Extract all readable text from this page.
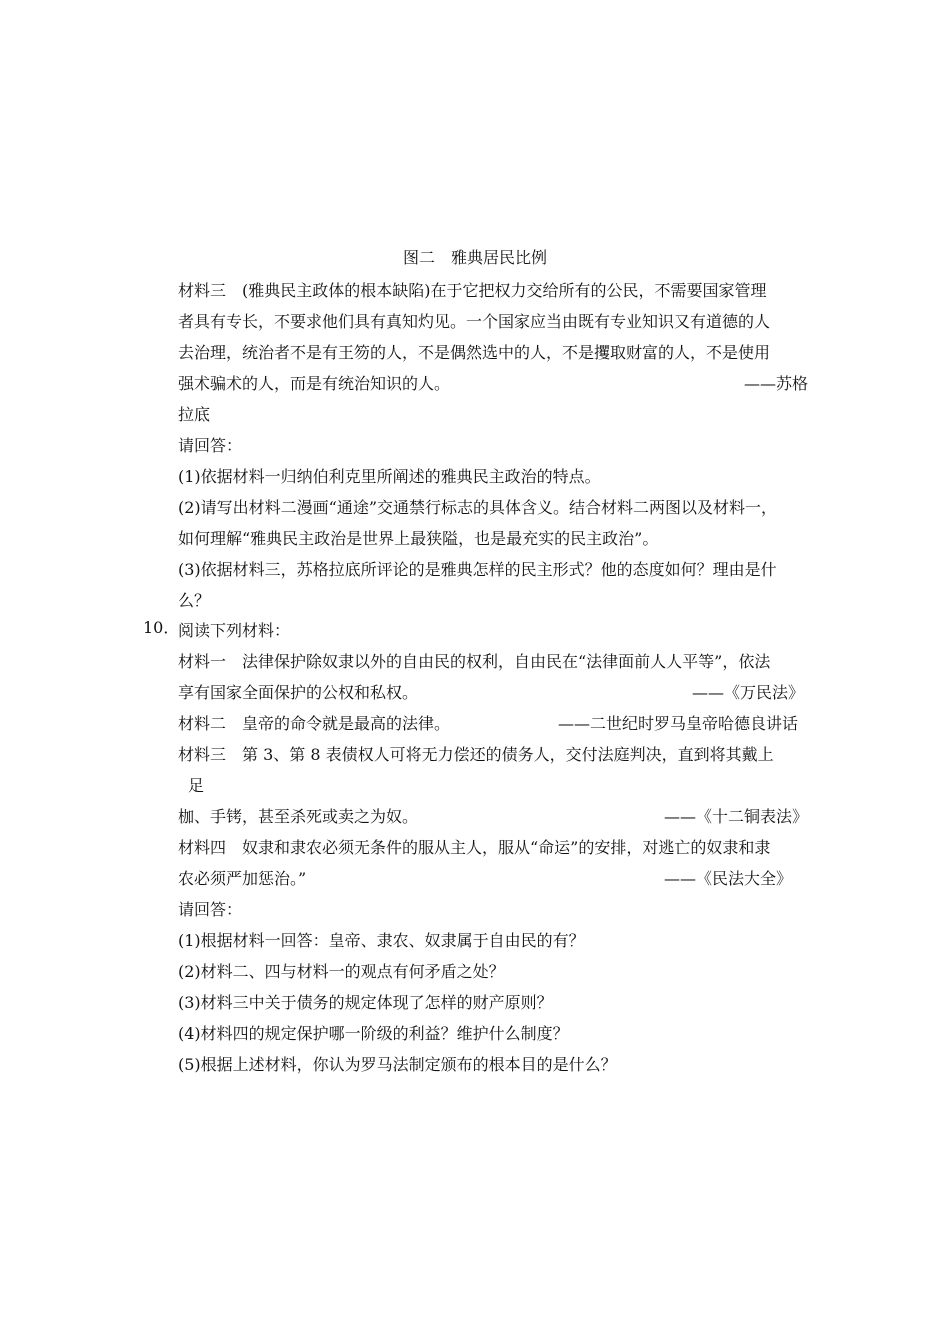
图二　雅典居民比例
材料三　(雅典民主政体的根本缺陷)在于它把权力交给所有的公民，不需要国家管理
者具有专长，不要求他们具有真知灼见。一个国家应当由既有专业知识又有道德的人
去治理，统治者不是有王笏的人，不是偶然选中的人，不是攫取财富的人，不是使用
强术骗术的人，而是有统治知识的人。	——苏格
拉底
请回答：
(1)依据材料一归纳伯利克里所阐述的雅典民主政治的特点。
(2)请写出材料二漫画“通途”交通禁行标志的具体含义。结合材料二两图以及材料一，
如何理解“雅典民主政治是世界上最狭隘，也是最充实的民主政治”。
(3)依据材料三，苏格拉底所评论的是雅典怎样的民主形式？他的态度如何？理由是什
么？
10．
阅读下列材料：
材料一　法律保护除奴隶以外的自由民的权利，自由民在“法律面前人人平等”，依法
享有国家全面保护的公权和私权。	——《万民法》
材料二　皇帝的命令就是最高的法律。	——二世纪时罗马皇帝哈德良讲话
材料三　第 3、第 8 表债权人可将无力偿还的债务人，交付法庭判决，直到将其戴上
足
枷、手铐，甚至杀死或卖之为奴。	——《十二铜表法》
材料四　奴隶和隶农必须无条件的服从主人，服从“命运”的安排，对逃亡的奴隶和隶
农必须严加惩治。”	——《民法大全》
请回答：
(1)根据材料一回答：皇帝、隶农、奴隶属于自由民的有？
(2)材料二、四与材料一的观点有何矛盾之处？
(3)材料三中关于债务的规定体现了怎样的财产原则？
(4)材料四的规定保护哪一阶级的利益？维护什么制度？
(5)根据上述材料，你认为罗马法制定颁布的根本目的是什么？
